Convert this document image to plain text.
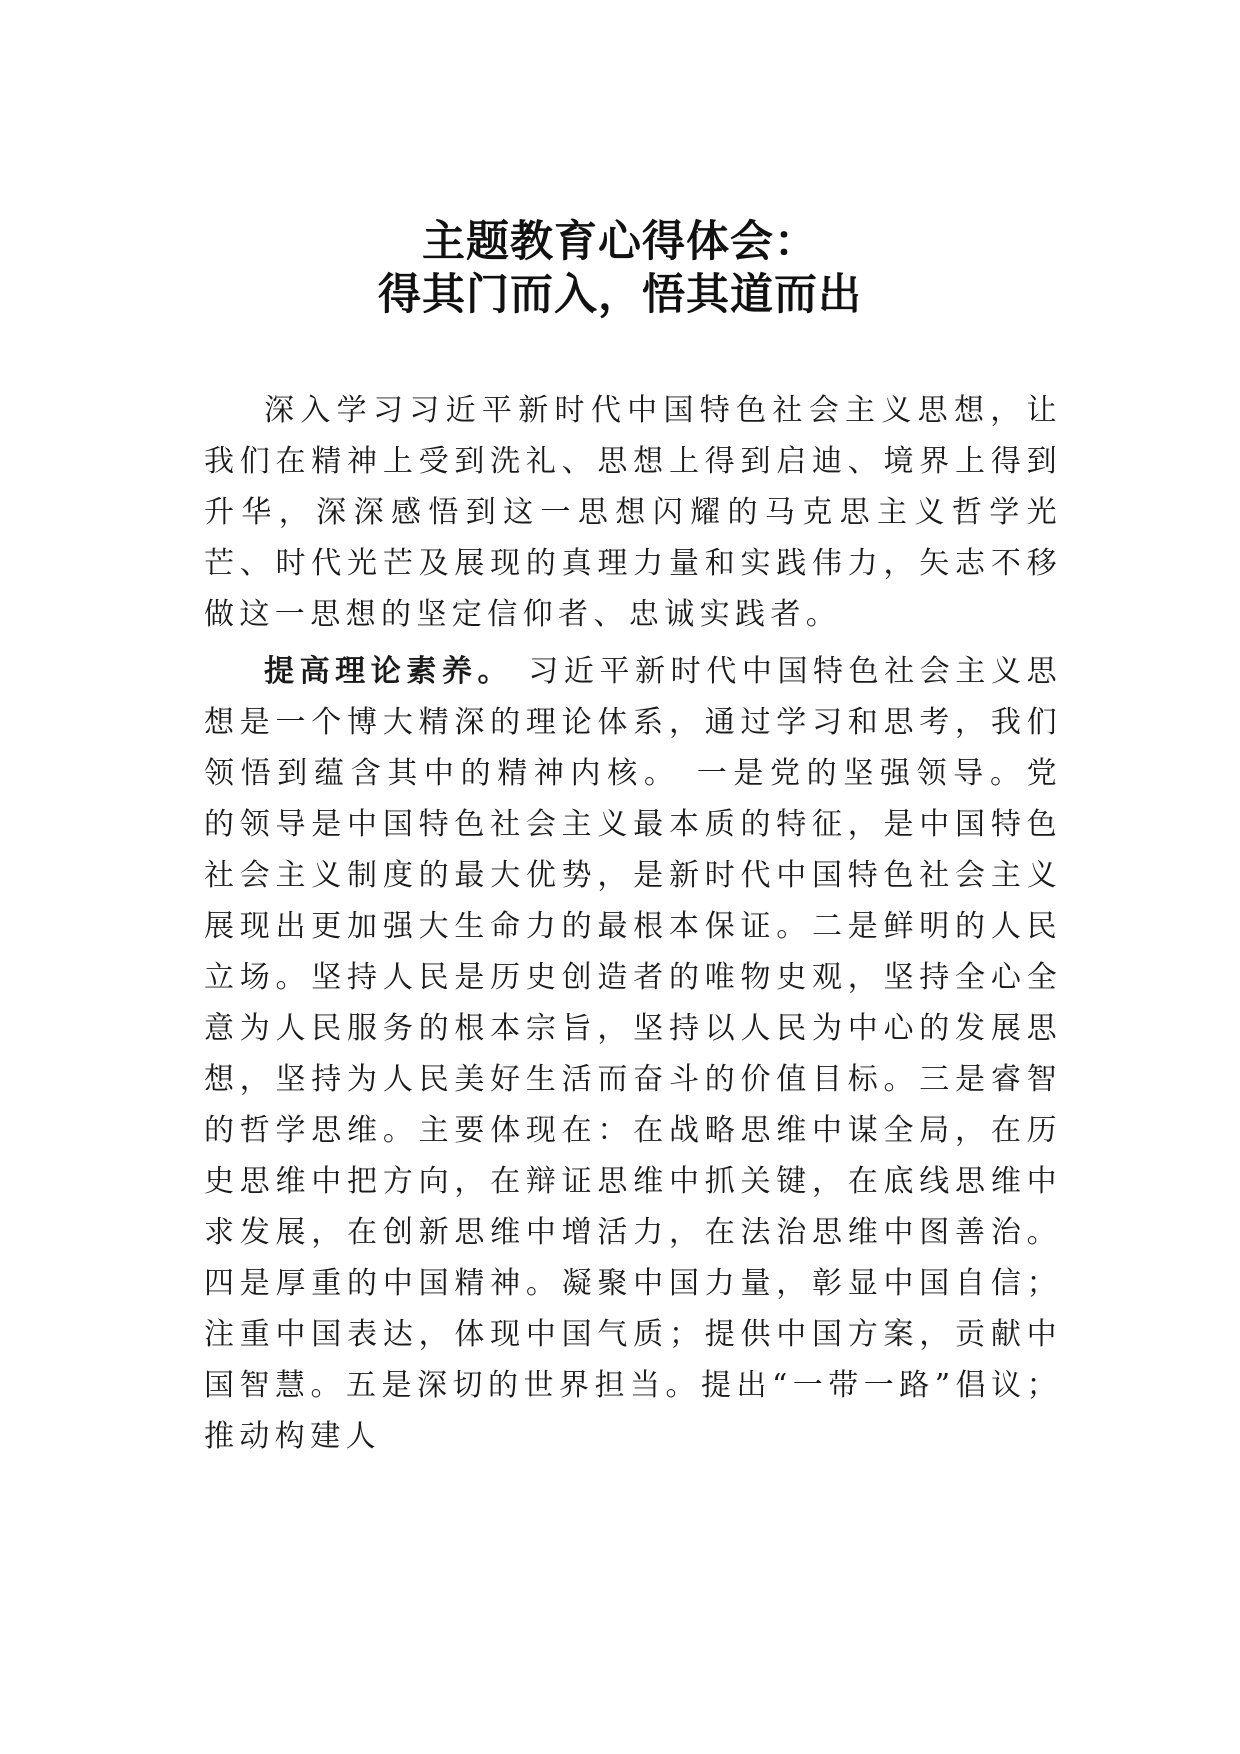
主题教育心得体会：
得其门而入，悟其道而出

深入学习习近平新时代中国特色社会主义思想，让我们在精神上受到洗礼、思想上得到启迪、境界上得到升华，深深感悟到这一思想闪耀的马克思主义哲学光芒、时代光芒及展现的真理力量和实践伟力，矢志不移做这一思想的坚定信仰者、忠诚实践者。

提高理论素养。 习近平新时代中国特色社会主义思想是一个博大精深的理论体系，通过学习和思考，我们领悟到蕴含其中的精神内核。 一是党的坚强领导。党的领导是中国特色社会主义最本质的特征，是中国特色社会主义制度的最大优势，是新时代中国特色社会主义展现出更加强大生命力的最根本保证。二是鲜明的人民立场。坚持人民是历史创造者的唯物史观，坚持全心全意为人民服务的根本宗旨，坚持以人民为中心的发展思想，坚持为人民美好生活而奋斗的价值目标。三是睿智的哲学思维。主要体现在：在战略思维中谋全局，在历史思维中把方向，在辩证思维中抓关键，在底线思维中求发展，在创新思维中增活力，在法治思维中图善治。四是厚重的中国精神。凝聚中国力量，彰显中国自信；注重中国表达，体现中国气质；提供中国方案，贡献中国智慧。五是深切的世界担当。提出“一带一路”倡议；推动构建人
